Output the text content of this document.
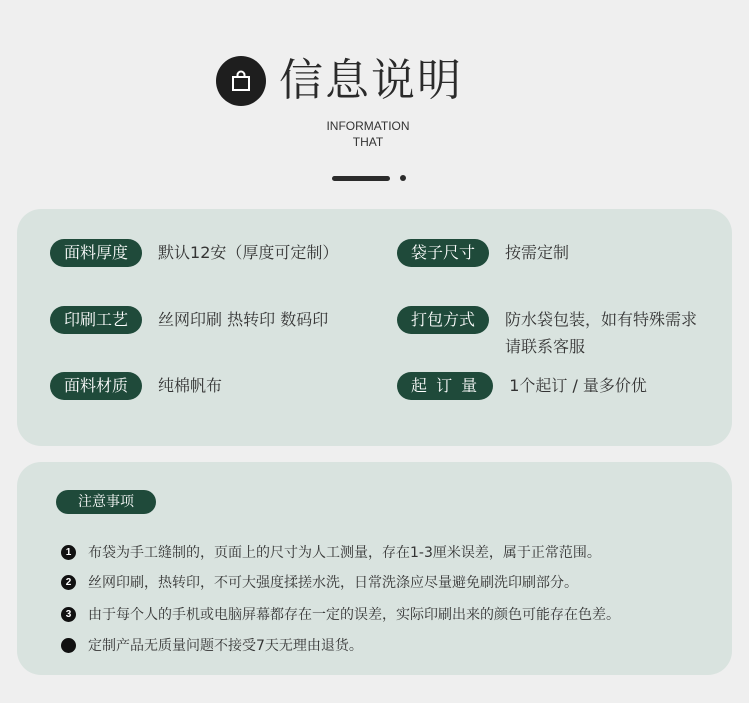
信息说明
INFORMATION
THAT
面料厚度	默认12安（厚度可定制）	袋子尺寸	按需定制
印刷工艺	丝网印刷 热转印 数码印	打包方式	防水袋包装，如有特殊需求请联系客服
面料材质	纯棉帆布	起 订 量	1个起订 / 量多价优
注意事项
1	布袋为手工缝制的，页面上的尺寸为人工测量，存在1-3厘米误差，属于正常范围。
2	丝网印刷，热转印，不可大强度揉搓水洗，日常洗涤应尽量避免刷洗印刷部分。
3	由于每个人的手机或电脑屏幕都存在一定的误差，实际印刷出来的颜色可能存在色差。
定制产品无质量问题不接受7天无理由退货。
